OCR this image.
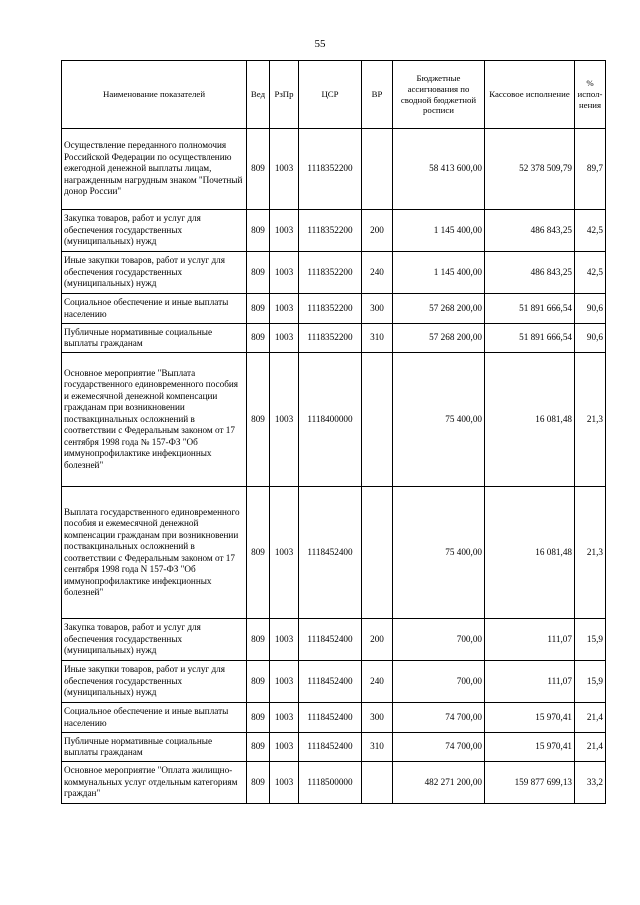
55
Наименование показателей	Вед	РзПр	ЦСР	ВР	Бюджетные ассигнования по сводной бюджетной росписи	Кассовое исполнение	% испол-нения
Осуществление переданного полномочия Российской Федерации по осуществлению ежегодной денежной выплаты лицам, награжденным нагрудным знаком "Почетный донор России"	809	1003	1118352200		58 413 600,00	52 378 509,79	89,7
Закупка товаров, работ и услуг для обеспечения государственных (муниципальных) нужд	809	1003	1118352200	200	1 145 400,00	486 843,25	42,5
Иные закупки товаров, работ и услуг для обеспечения государственных (муниципальных) нужд	809	1003	1118352200	240	1 145 400,00	486 843,25	42,5
Социальное обеспечение и иные выплаты населению	809	1003	1118352200	300	57 268 200,00	51 891 666,54	90,6
Публичные нормативные социальные выплаты гражданам	809	1003	1118352200	310	57 268 200,00	51 891 666,54	90,6
Основное мероприятие "Выплата государственного единовременного пособия и ежемесячной денежной компенсации гражданам при возникновении поствакцинальных осложнений в соответствии с Федеральным законом от 17 сентября 1998 года № 157-ФЗ "Об иммунопрофилактике инфекционных болезней"	809	1003	1118400000		75 400,00	16 081,48	21,3
Выплата государственного единовременного пособия и ежемесячной денежной компенсации гражданам при возникновении поствакцинальных осложнений в соответствии с Федеральным законом от 17 сентября 1998 года N 157-ФЗ "Об иммунопрофилактике инфекционных болезней"	809	1003	1118452400		75 400,00	16 081,48	21,3
Закупка товаров, работ и услуг для обеспечения государственных (муниципальных) нужд	809	1003	1118452400	200	700,00	111,07	15,9
Иные закупки товаров, работ и услуг для обеспечения государственных (муниципальных) нужд	809	1003	1118452400	240	700,00	111,07	15,9
Социальное обеспечение и иные выплаты населению	809	1003	1118452400	300	74 700,00	15 970,41	21,4
Публичные нормативные социальные выплаты гражданам	809	1003	1118452400	310	74 700,00	15 970,41	21,4
Основное мероприятие "Оплата жилищно-коммунальных услуг отдельным категориям граждан"	809	1003	1118500000		482 271 200,00	159 877 699,13	33,2
